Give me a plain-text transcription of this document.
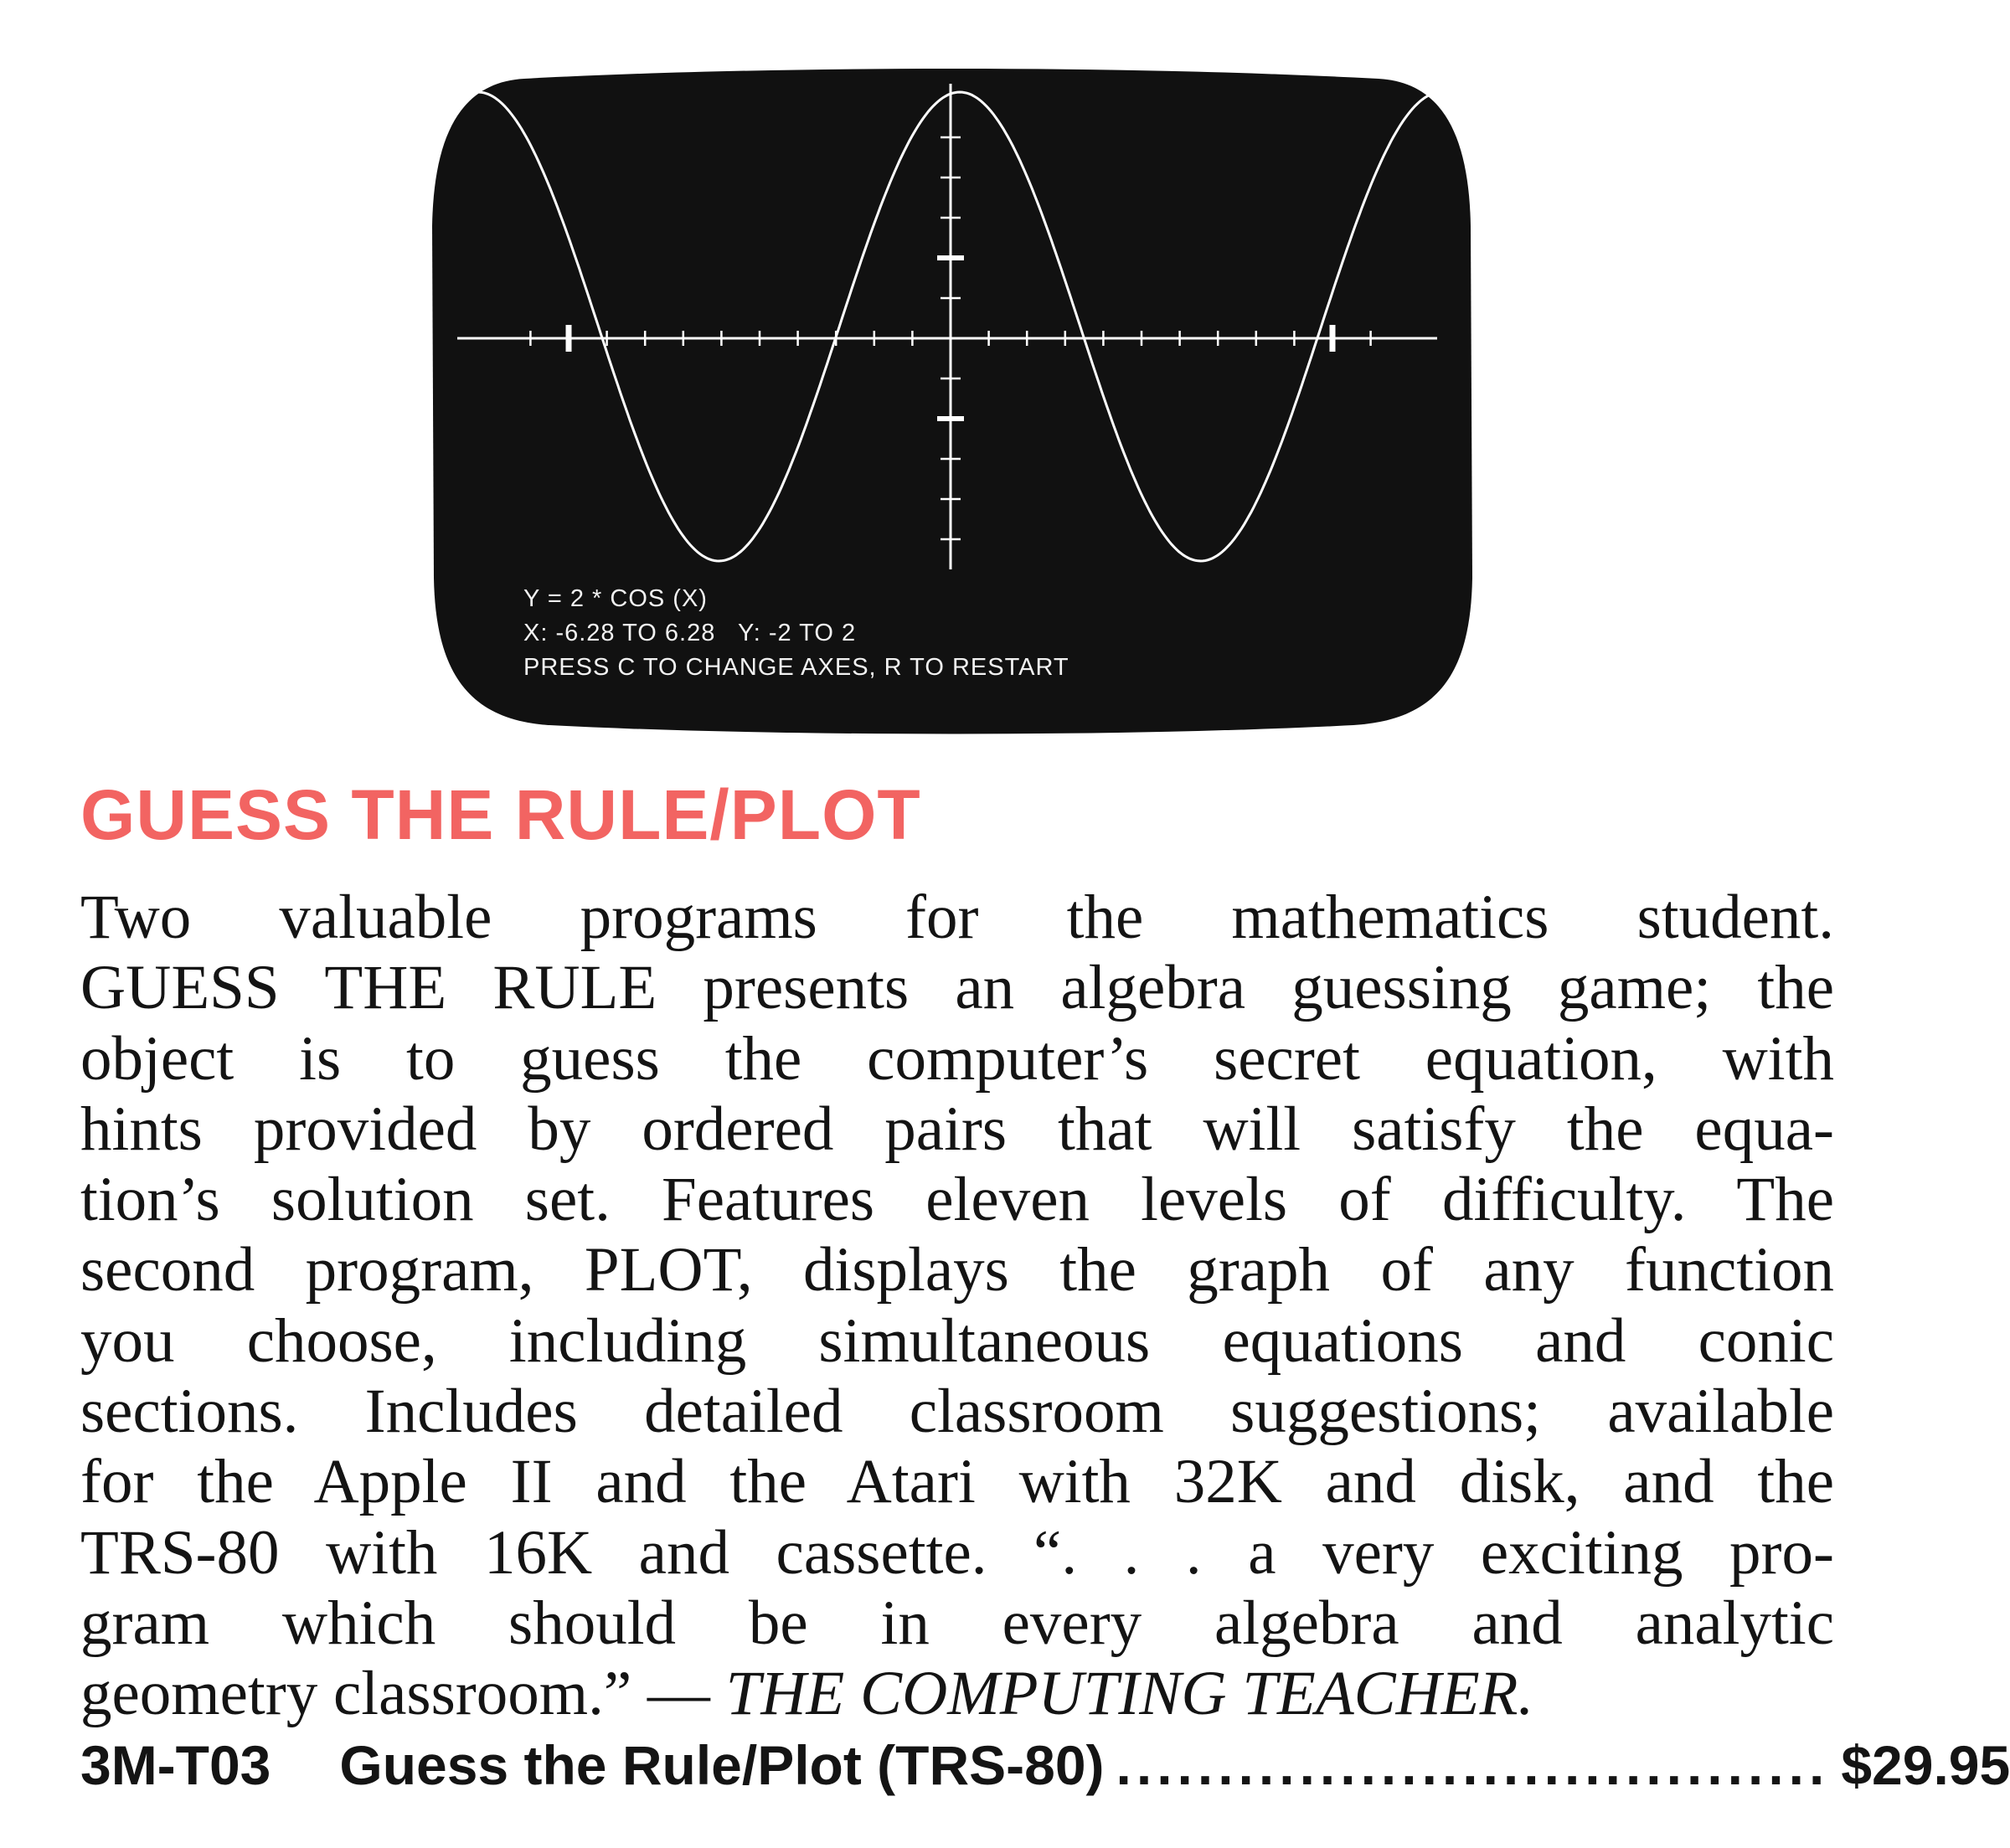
Y = 2 * COS (X)
X: -6.28 TO 6.28   Y: -2 TO 2
PRESS C TO CHANGE AXES, R TO RESTART
GUESS THE RULE/PLOT
Two valuable programs for the mathematics student.
GUESS THE RULE presents an algebra guessing game; the
object is to guess the computer’s secret equation, with
hints provided by ordered pairs that will satisfy the equa-
tion’s solution set. Features eleven levels of difficulty. The
second program, PLOT, displays the graph of any function
you choose, including simultaneous equations and conic
sections. Includes detailed classroom suggestions; available
for the Apple II and the Atari with 32K and disk, and the
TRS-80 with 16K and cassette. “. . . a very exciting pro-
gram which should be in every algebra and analytic
geometry classroom.” — THE COMPUTING TEACHER.
3M-T03 Guess the Rule/Plot (TRS-80) ................................... $29.95
